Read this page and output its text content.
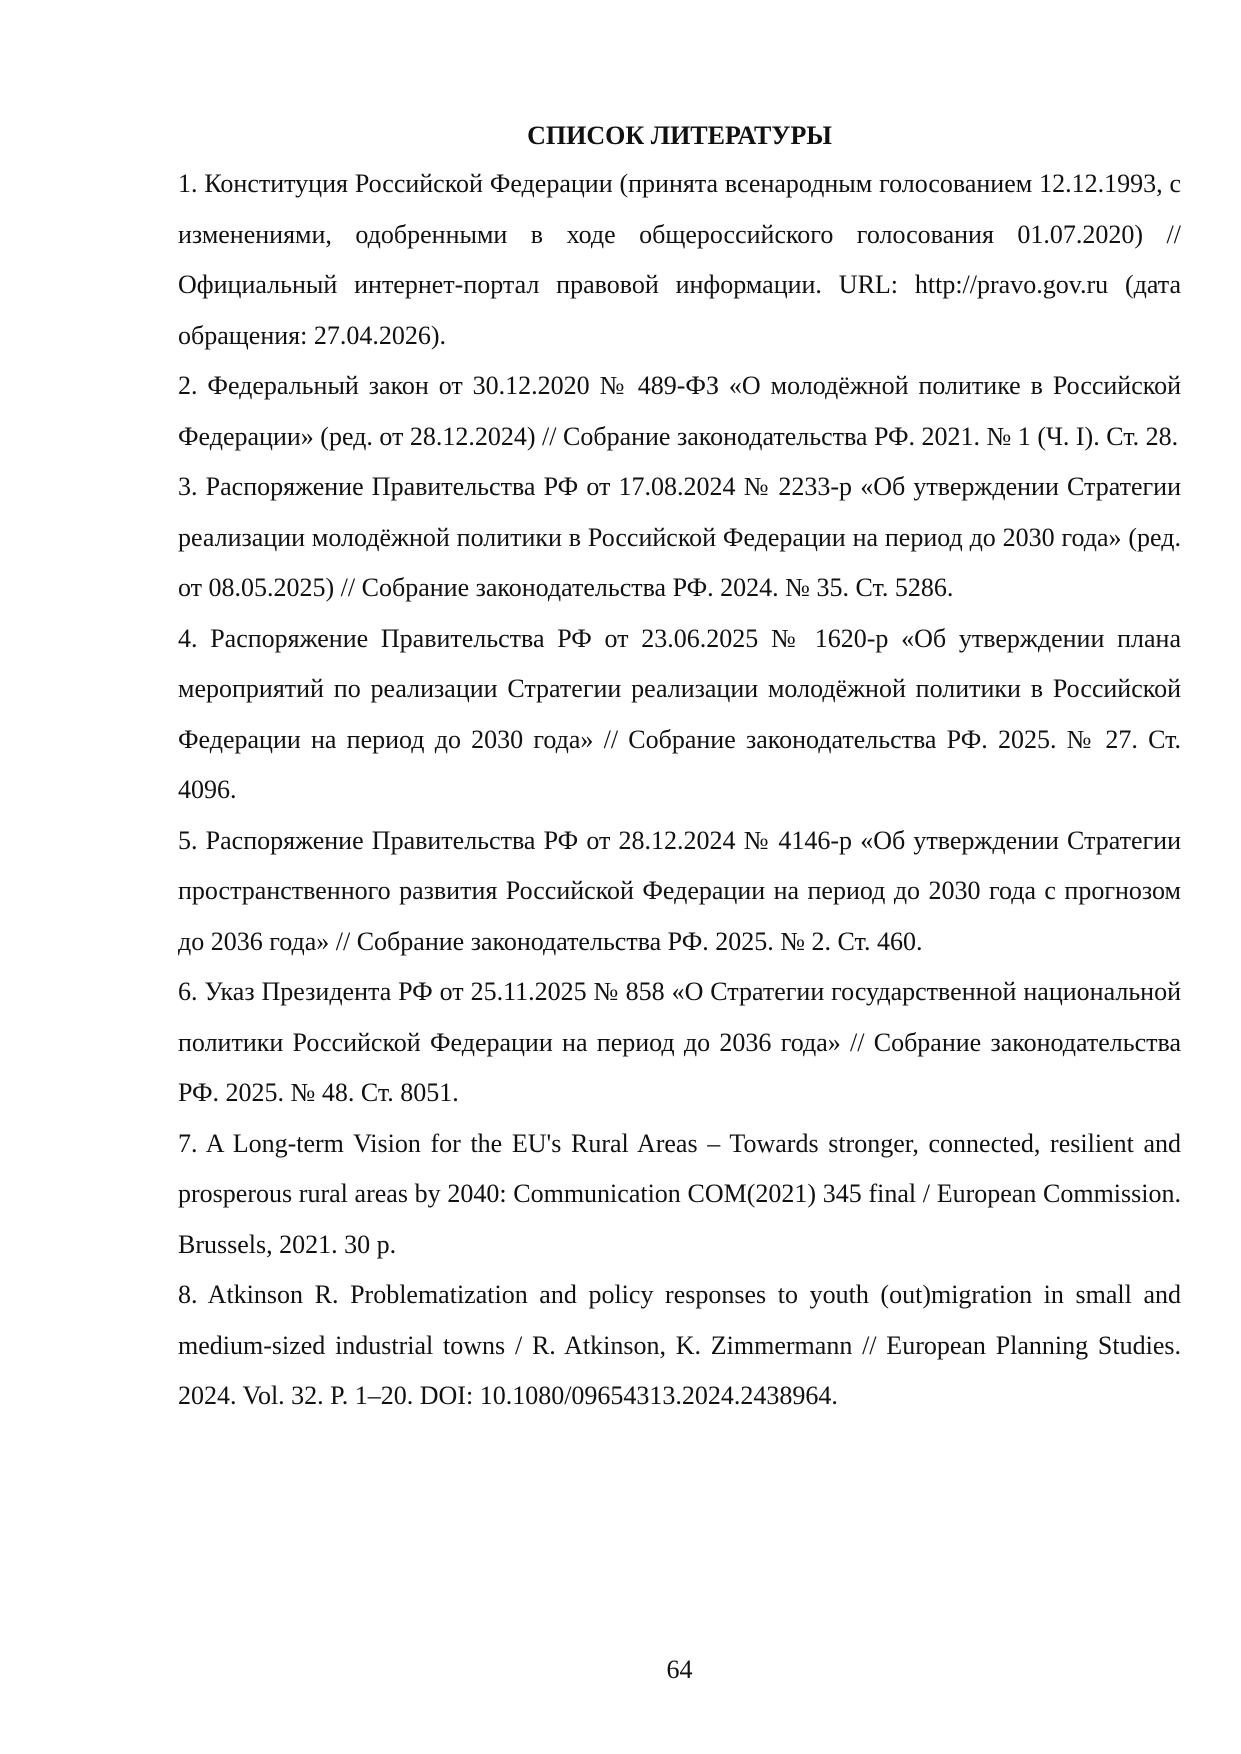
СПИСОК ЛИТЕРАТУРЫ
1. Конституция Российской Федерации (принята всенародным голосованием 12.12.1993, с изменениями, одобренными в ходе общероссийского голосования 01.07.2020) // Официальный интернет-портал правовой информации. URL: http://pravo.gov.ru (дата обращения: 27.04.2026).
2. Федеральный закон от 30.12.2020 № 489-ФЗ «О молодёжной политике в Российской Федерации» (ред. от 28.12.2024) // Собрание законодательства РФ. 2021. № 1 (Ч. I). Ст. 28.
3. Распоряжение Правительства РФ от 17.08.2024 № 2233-р «Об утверждении Стратегии реализации молодёжной политики в Российской Федерации на период до 2030 года» (ред. от 08.05.2025) // Собрание законодательства РФ. 2024. № 35. Ст. 5286.
4. Распоряжение Правительства РФ от 23.06.2025 № 1620-р «Об утверждении плана мероприятий по реализации Стратегии реализации молодёжной политики в Российской Федерации на период до 2030 года» // Собрание законодательства РФ. 2025. № 27. Ст. 4096.
5. Распоряжение Правительства РФ от 28.12.2024 № 4146-р «Об утверждении Стратегии пространственного развития Российской Федерации на период до 2030 года с прогнозом до 2036 года» // Собрание законодательства РФ. 2025. № 2. Ст. 460.
6. Указ Президента РФ от 25.11.2025 № 858 «О Стратегии государственной национальной политики Российской Федерации на период до 2036 года» // Собрание законодательства РФ. 2025. № 48. Ст. 8051.
7. A Long-term Vision for the EU's Rural Areas – Towards stronger, connected, resilient and prosperous rural areas by 2040: Communication COM(2021) 345 final / European Commission. Brussels, 2021. 30 p.
8. Atkinson R. Problematization and policy responses to youth (out)migration in small and medium-sized industrial towns / R. Atkinson, K. Zimmermann // European Planning Studies. 2024. Vol. 32. P. 1–20. DOI: 10.1080/09654313.2024.2438964.
64
